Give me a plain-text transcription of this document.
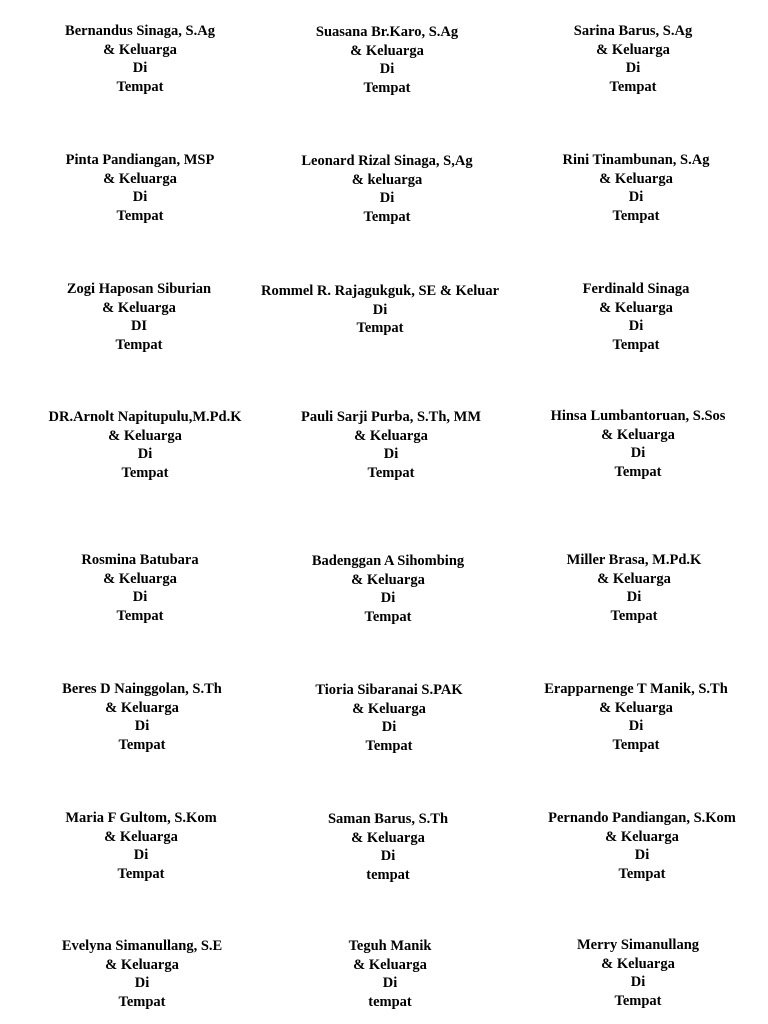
Bernandus Sinaga, S.Ag
& Keluarga
Di
Tempat
Suasana Br.Karo, S.Ag
& Keluarga
Di
Tempat
Sarina Barus, S.Ag
& Keluarga
Di
Tempat
Pinta Pandiangan, MSP
& Keluarga
Di
Tempat
Leonard Rizal Sinaga, S,Ag
& keluarga
Di
Tempat
Rini Tinambunan, S.Ag
& Keluarga
Di
Tempat
Zogi Haposan Siburian
& Keluarga
DI
Tempat
Rommel R. Rajagukguk, SE & Keluar
Di
Tempat
Ferdinald Sinaga
& Keluarga
Di
Tempat
DR.Arnolt Napitupulu,M.Pd.K
& Keluarga
Di
Tempat
Pauli Sarji Purba, S.Th, MM
& Keluarga
Di
Tempat
Hinsa Lumbantoruan, S.Sos
& Keluarga
Di
Tempat
Rosmina Batubara
& Keluarga
Di
Tempat
Badenggan A Sihombing
& Keluarga
Di
Tempat
Miller Brasa, M.Pd.K
& Keluarga
Di
Tempat
Beres D Nainggolan, S.Th
& Keluarga
Di
Tempat
Tioria Sibaranai S.PAK
& Keluarga
Di
Tempat
Erapparnenge T Manik, S.Th
& Keluarga
Di
Tempat
Maria F Gultom, S.Kom
& Keluarga
Di
Tempat
Saman Barus, S.Th
& Keluarga
Di
tempat
Pernando Pandiangan, S.Kom
& Keluarga
Di
Tempat
Evelyna Simanullang, S.E
& Keluarga
Di
Tempat
Teguh Manik
& Keluarga
Di
tempat
Merry Simanullang
& Keluarga
Di
Tempat
